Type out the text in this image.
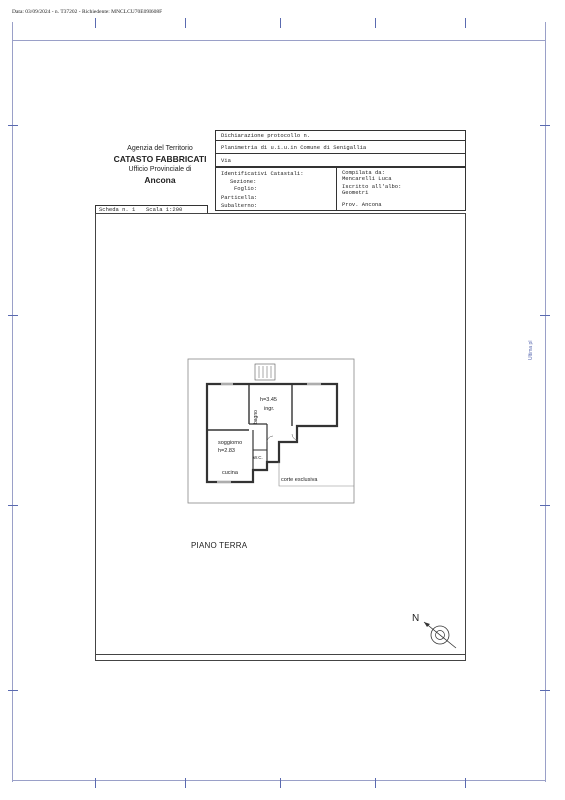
Data: 03/09/2024 - n. T37202 - Richiedente: MNCLCU70E09I608F
Ultima pl
Agenzia del Territorio
CATASTO FABBRICATI
Ufficio Provinciale di
Ancona
Dichiarazione protocollo n.
Planimetria di u.i.u.in Comune di Senigallia
Via
Identificativi Catastali:
Sezione:
Foglio:
Particella:
Subalterno:
Compilata da:
Mencarelli Luca
Iscritto all'albo:
Geometri
Prov. Ancona
Scheda n. 1 Scala 1:200
h=3.45
ingr.
bagno
soggiorno
h=2.83
W.C.
cucina
corte esclusiva
PIANO TERRA
N
